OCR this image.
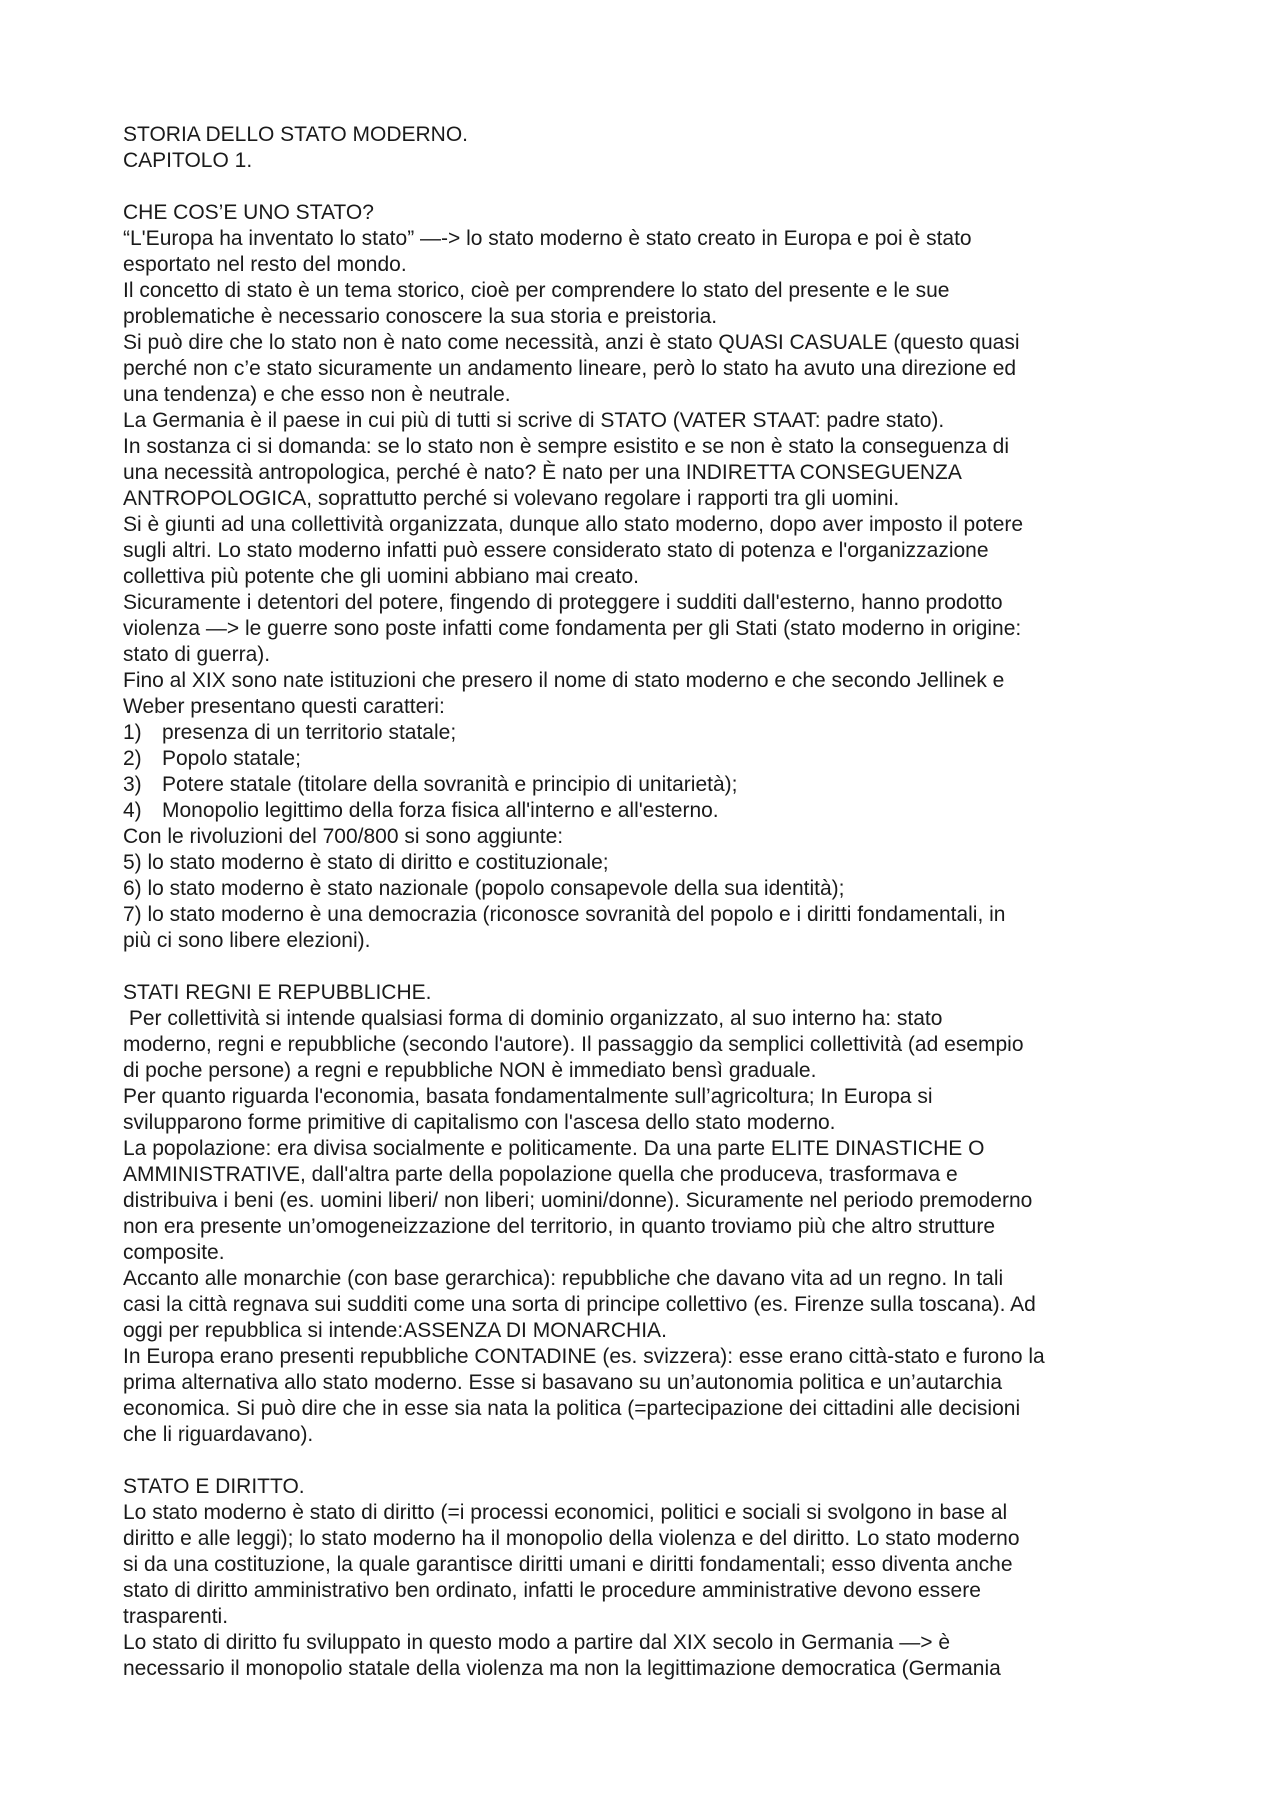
STORIA DELLO STATO MODERNO.
CAPITOLO 1.
CHE COS’E UNO STATO?
“L'Europa ha inventato lo stato” —-> lo stato moderno è stato creato in Europa e poi è stato
esportato nel resto del mondo.
Il concetto di stato è un tema storico, cioè per comprendere lo stato del presente e le sue
problematiche è necessario conoscere la sua storia e preistoria.
Si può dire che lo stato non è nato come necessità, anzi è stato QUASI CASUALE (questo quasi
perché non c’e stato sicuramente un andamento lineare, però lo stato ha avuto una direzione ed
una tendenza) e che esso non è neutrale.
La Germania è il paese in cui più di tutti si scrive di STATO (VATER STAAT: padre stato).
In sostanza ci si domanda: se lo stato non è sempre esistito e se non è stato la conseguenza di
una necessità antropologica, perché è nato? È nato per una INDIRETTA CONSEGUENZA
ANTROPOLOGICA, soprattutto perché si volevano regolare i rapporti tra gli uomini.
Si è giunti ad una collettività organizzata, dunque allo stato moderno, dopo aver imposto il potere
sugli altri. Lo stato moderno infatti può essere considerato stato di potenza e l'organizzazione
collettiva più potente che gli uomini abbiano mai creato.
Sicuramente i detentori del potere, fingendo di proteggere i sudditi dall'esterno, hanno prodotto
violenza —> le guerre sono poste infatti come fondamenta per gli Stati (stato moderno in origine:
stato di guerra).
Fino al XIX sono nate istituzioni che presero il nome di stato moderno e che secondo Jellinek e
Weber presentano questi caratteri:
1) presenza di un territorio statale;
2) Popolo statale;
3) Potere statale (titolare della sovranità e principio di unitarietà);
4) Monopolio legittimo della forza fisica all'interno e all'esterno.
Con le rivoluzioni del 700/800 si sono aggiunte:
5) lo stato moderno è stato di diritto e costituzionale;
6) lo stato moderno è stato nazionale (popolo consapevole della sua identità);
7) lo stato moderno è una democrazia (riconosce sovranità del popolo e i diritti fondamentali, in
più ci sono libere elezioni).
STATI REGNI E REPUBBLICHE.
Per collettività si intende qualsiasi forma di dominio organizzato, al suo interno ha: stato
moderno, regni e repubbliche (secondo l'autore). Il passaggio da semplici collettività (ad esempio
di poche persone) a regni e repubbliche NON è immediato bensì graduale.
Per quanto riguarda l'economia, basata fondamentalmente sull’agricoltura; In Europa si
svilupparono forme primitive di capitalismo con l'ascesa dello stato moderno.
La popolazione: era divisa socialmente e politicamente. Da una parte ELITE DINASTICHE O
AMMINISTRATIVE, dall'altra parte della popolazione quella che produceva, trasformava e
distribuiva i beni (es. uomini liberi/ non liberi; uomini/donne). Sicuramente nel periodo premoderno
non era presente un’omogeneizzazione del territorio, in quanto troviamo più che altro strutture
composite.
Accanto alle monarchie (con base gerarchica): repubbliche che davano vita ad un regno. In tali
casi la città regnava sui sudditi come una sorta di principe collettivo (es. Firenze sulla toscana). Ad
oggi per repubblica si intende:ASSENZA DI MONARCHIA.
In Europa erano presenti repubbliche CONTADINE (es. svizzera): esse erano città-stato e furono la
prima alternativa allo stato moderno. Esse si basavano su un’autonomia politica e un’autarchia
economica. Si può dire che in esse sia nata la politica (=partecipazione dei cittadini alle decisioni
che li riguardavano).
STATO E DIRITTO.
Lo stato moderno è stato di diritto (=i processi economici, politici e sociali si svolgono in base al
diritto e alle leggi); lo stato moderno ha il monopolio della violenza e del diritto. Lo stato moderno
si da una costituzione, la quale garantisce diritti umani e diritti fondamentali; esso diventa anche
stato di diritto amministrativo ben ordinato, infatti le procedure amministrative devono essere
trasparenti.
Lo stato di diritto fu sviluppato in questo modo a partire dal XIX secolo in Germania —> è
necessario il monopolio statale della violenza ma non la legittimazione democratica (Germania
